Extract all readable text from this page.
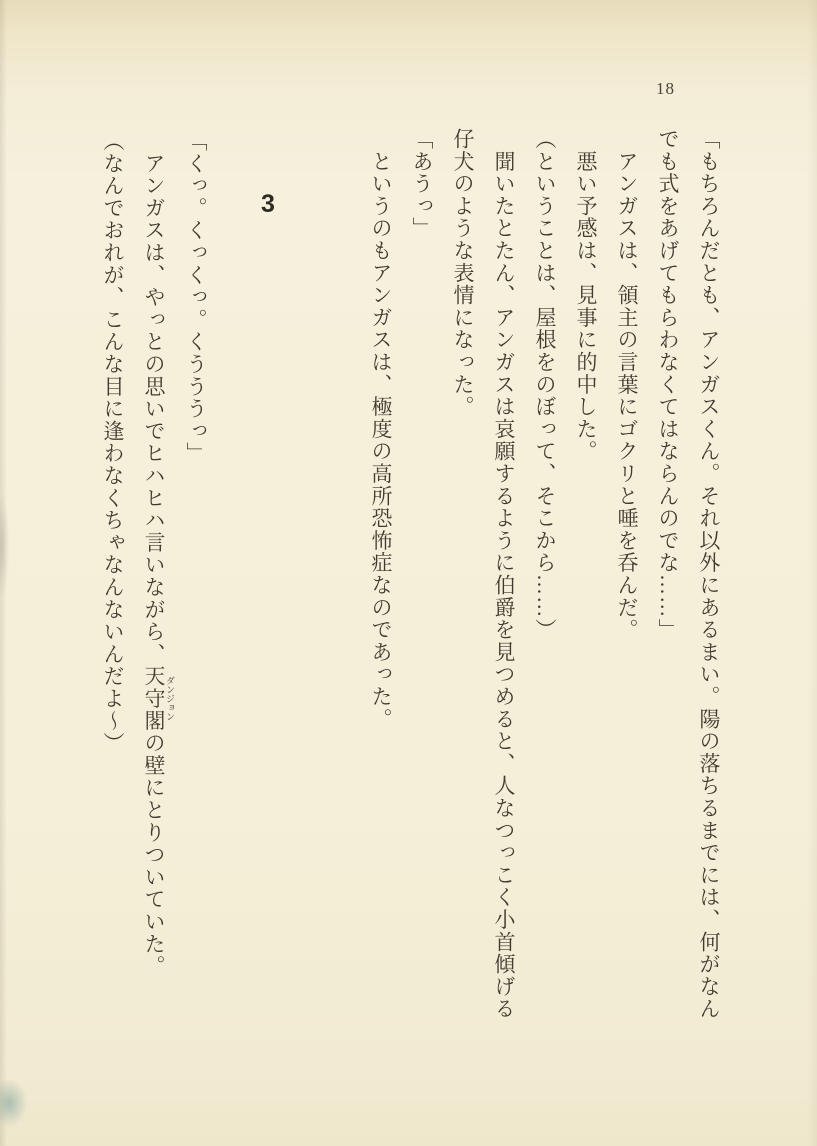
18

「もちろんだとも、アンガスくん。それ以外にあるまい。陽の落ちるまでには、何がなんでも式をあげてもらわなくてはならんのでな……」

　アンガスは、領主の言葉にゴクリと唾を呑んだ。

　悪い予感は、見事に的中した。

（ということは、屋根をのぼって、そこから……）

　聞いたとたん、アンガスは哀願するように伯爵を見つめると、人なつっこく小首傾げる仔犬のような表情になった。

「あうっ」

　というのもアンガスは、極度の高所恐怖症なのであった。

3

「くっ。くっくっ。くうううっ」

　アンガスは、やっとの思いでヒハヒハ言いながら、天守閣 ダンジョンの壁にとりついていた。

（なんでおれが、こんな目に逢わなくちゃなんないんだよ～）
